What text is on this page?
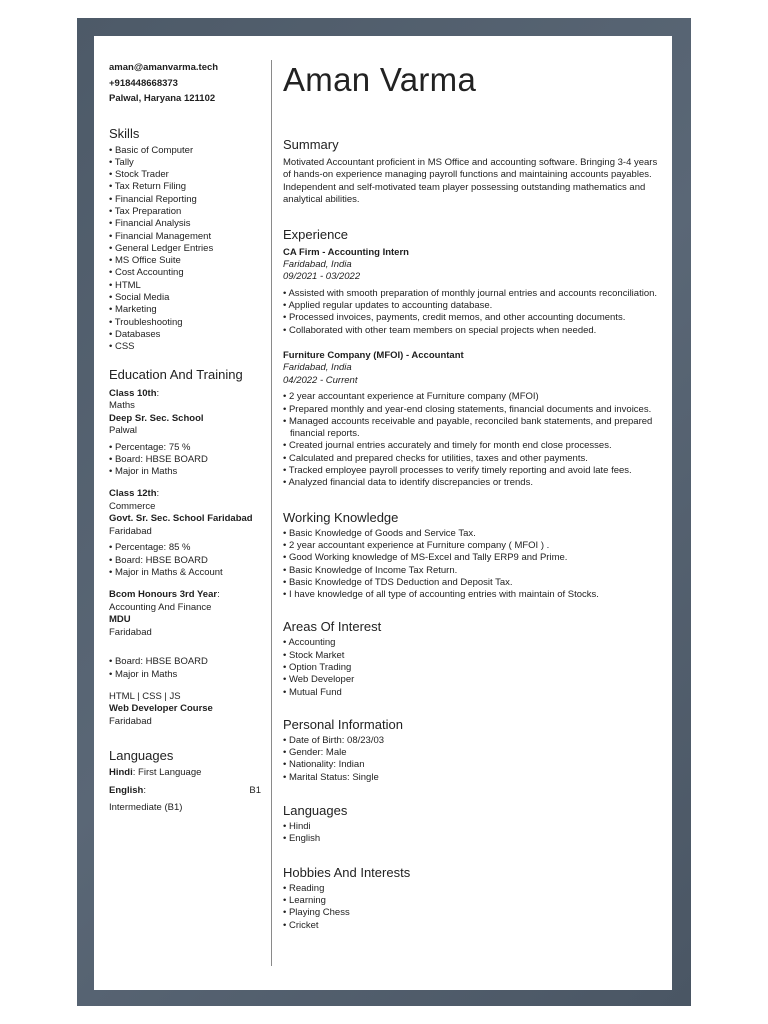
aman@amanvarma.tech
+918448668373
Palwal, Haryana 121102
Skills
• Basic of Computer
• Tally
• Stock Trader
• Tax Return Filing
• Financial Reporting
• Tax Preparation
• Financial Analysis
• Financial Management
• General Ledger Entries
• MS Office Suite
• Cost Accounting
• HTML
• Social Media
• Marketing
• Troubleshooting
• Databases
• CSS
Education And Training
Class 10th:
Maths
Deep Sr. Sec. School
Palwal
• Percentage: 75 %
• Board: HBSE BOARD
• Major in Maths
Class 12th:
Commerce
Govt. Sr. Sec. School Faridabad
Faridabad
• Percentage: 85 %
• Board: HBSE BOARD
• Major in Maths & Account
Bcom Honours 3rd Year:
Accounting And Finance
MDU
Faridabad
• Board: HBSE BOARD
• Major in Maths
HTML | CSS | JS
Web Developer Course
Faridabad
Languages
Hindi: First Language
English:	B1
Intermediate (B1)
Aman Varma
Summary
Motivated Accountant proficient in MS Office and accounting software. Bringing 3-4 years of hands-on experience managing payroll functions and maintaining accounts payables. Independent and self-motivated team player possessing outstanding mathematics and analytical abilities.
Experience
CA Firm - Accounting Intern
Faridabad, India
09/2021 - 03/2022
• Assisted with smooth preparation of monthly journal entries and accounts reconciliation.
• Applied regular updates to accounting database.
• Processed invoices, payments, credit memos, and other accounting documents.
• Collaborated with other team members on special projects when needed.
Furniture Company (MFOI) - Accountant
Faridabad, India
04/2022 - Current
• 2 year accountant experience at Furniture company (MFOI)
• Prepared monthly and year-end closing statements, financial documents and invoices.
• Managed accounts receivable and payable, reconciled bank statements, and prepared financial reports.
• Created journal entries accurately and timely for month end close processes.
• Calculated and prepared checks for utilities, taxes and other payments.
• Tracked employee payroll processes to verify timely reporting and avoid late fees.
• Analyzed financial data to identify discrepancies or trends.
Working Knowledge
• Basic Knowledge of Goods and Service Tax.
• 2 year accountant experience at Furniture company ( MFOI ) .
• Good Working knowledge of MS-Excel and Tally ERP9 and Prime.
• Basic Knowledge of Income Tax Return.
• Basic Knowledge of TDS Deduction and Deposit Tax.
• I have knowledge of all type of accounting entries with maintain of Stocks.
Areas Of Interest
• Accounting
• Stock Market
• Option Trading
• Web Developer
• Mutual Fund
Personal Information
• Date of Birth: 08/23/03
• Gender: Male
• Nationality: Indian
• Marital Status: Single
Languages
• Hindi
• English
Hobbies And Interests
• Reading
• Learning
• Playing Chess
• Cricket
